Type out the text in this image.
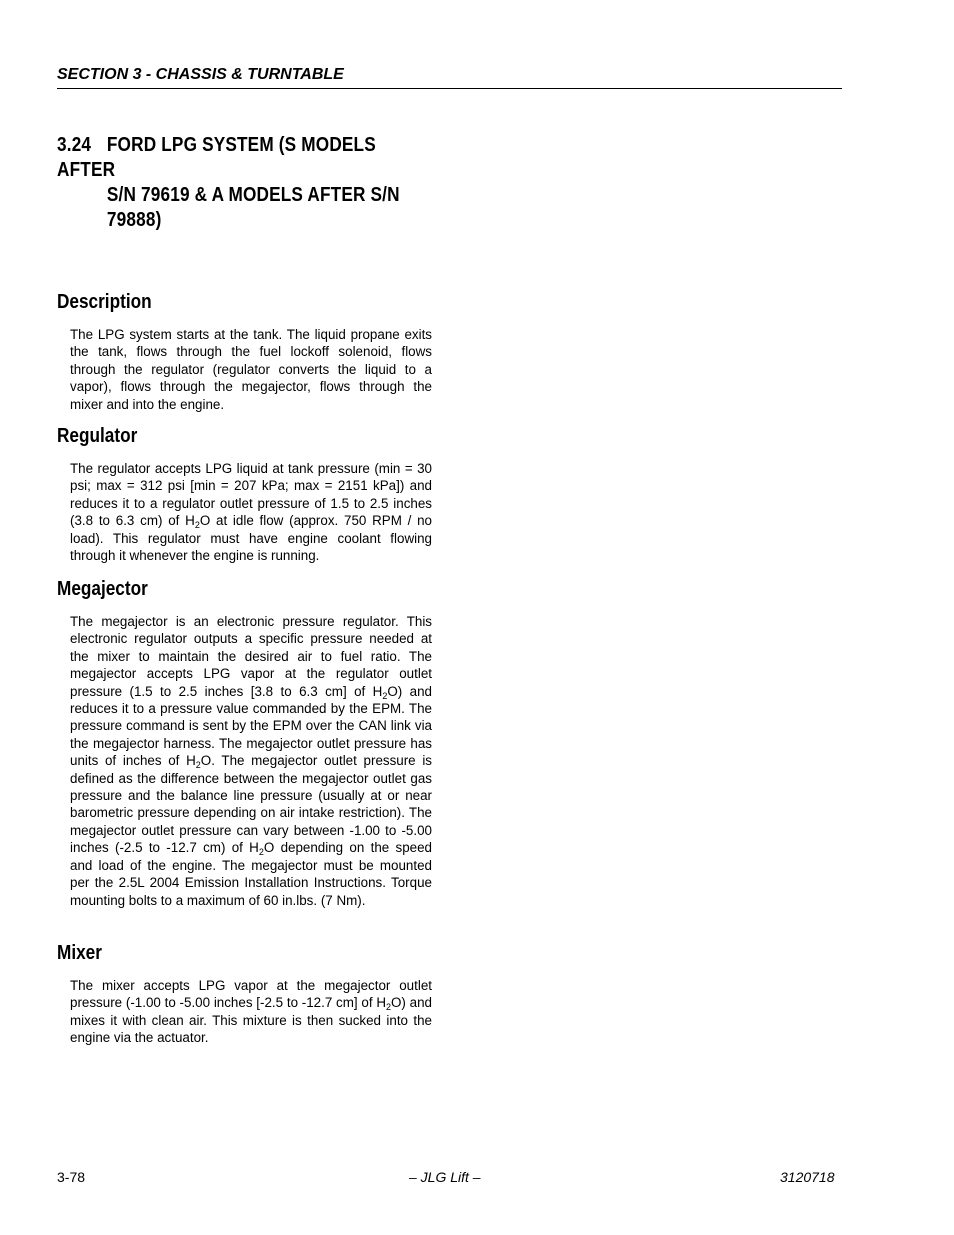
SECTION 3 - CHASSIS & TURNTABLE
3.24 FORD LPG SYSTEM (S MODELS AFTER
S/N 79619 & A MODELS AFTER S/N
79888)
Description
The LPG system starts at the tank. The liquid propane exits the tank, flows through the fuel lockoff solenoid, flows through the regulator (regulator converts the liquid to a vapor), flows through the megajector, flows through the mixer and into the engine.
Regulator
The regulator accepts LPG liquid at tank pressure (min = 30 psi; max = 312 psi [min = 207 kPa; max = 2151 kPa]) and reduces it to a regulator outlet pressure of 1.5 to 2.5 inches (3.8 to 6.3 cm) of $H_2O$ at idle flow (approx. 750 RPM / no load). This regulator must have engine coolant flowing through it whenever the engine is running.
Megajector
The megajector is an electronic pressure regulator. This electronic regulator outputs a specific pressure needed at the mixer to maintain the desired air to fuel ratio. The megajector accepts LPG vapor at the regulator outlet pressure (1.5 to 2.5 inches [3.8 to 6.3 cm] of $H_2O$) and reduces it to a pressure value commanded by the EPM. The pressure command is sent by the EPM over the CAN link via the megajector harness. The megajector outlet pressure has units of inches of $H_2O$. The megajector outlet pressure is defined as the difference between the megajector outlet gas pressure and the balance line pressure (usually at or near barometric pressure depending on air intake restriction). The megajector outlet pressure can vary between -1.00 to -5.00 inches (-2.5 to -12.7 cm) of $H_2O$ depending on the speed and load of the engine. The megajector must be mounted per the 2.5L 2004 Emission Installation Instructions. Torque mounting bolts to a maximum of 60 in.lbs. (7 Nm).
Mixer
The mixer accepts LPG vapor at the megajector outlet pressure (-1.00 to -5.00 inches [-2.5 to -12.7 cm] of $H_2O$) and mixes it with clean air. This mixture is then sucked into the engine via the actuator.
3-78	– JLG Lift –	3120718
